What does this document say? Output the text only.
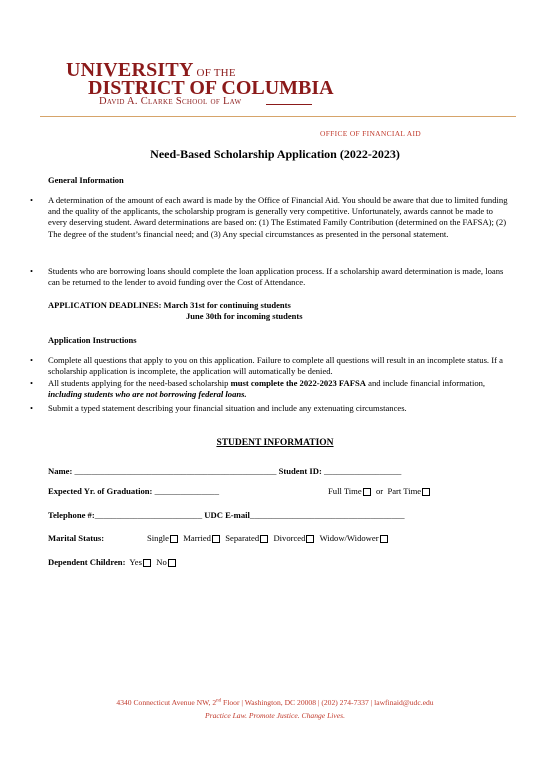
UNIVERSITY OF THE
DISTRICT OF COLUMBIA
David A. Clarke School of Law
OFFICE OF FINANCIAL AID
Need-Based Scholarship Application (2022-2023)
General Information
• A determination of the amount of each award is made by the Office of Financial Aid. You should be aware that due to limited funding and the quality of the applicants, the scholarship program is generally very competitive. Unfortunately, awards cannot be made to every deserving student. Award determinations are based on: (1) The Estimated Family Contribution (determined on the FAFSA); (2) The degree of the student’s financial need; and (3) Any special circumstances as presented in the personal statement.
• Students who are borrowing loans should complete the loan application process. If a scholarship award determination is made, loans can be returned to the lender to avoid funding over the Cost of Attendance.
APPLICATION DEADLINES: March 31st for continuing students
June 30th for incoming students
Application Instructions
• Complete all questions that apply to you on this application. Failure to complete all questions will result in an incomplete status. If a scholarship application is incomplete, the application will automatically be denied.
• All students applying for the need-based scholarship must complete the 2022-2023 FAFSA and include financial information, including students who are not borrowing federal loans.
• Submit a typed statement describing your financial situation and include any extenuating circumstances.
STUDENT INFORMATION
Name: _______________________________________________ Student ID: __________________
Expected Yr. of Graduation: _______________	Full Time or Part Time
Telephone #:_________________________ UDC E-mail____________________________________
Marital Status:	Single Married Separated Divorced Widow/Widower
Dependent Children: Yes No
4340 Connecticut Avenue NW, 2nd Floor | Washington, DC 20008 | (202) 274-7337 | lawfinaid@udc.edu
Practice Law. Promote Justice. Change Lives.
